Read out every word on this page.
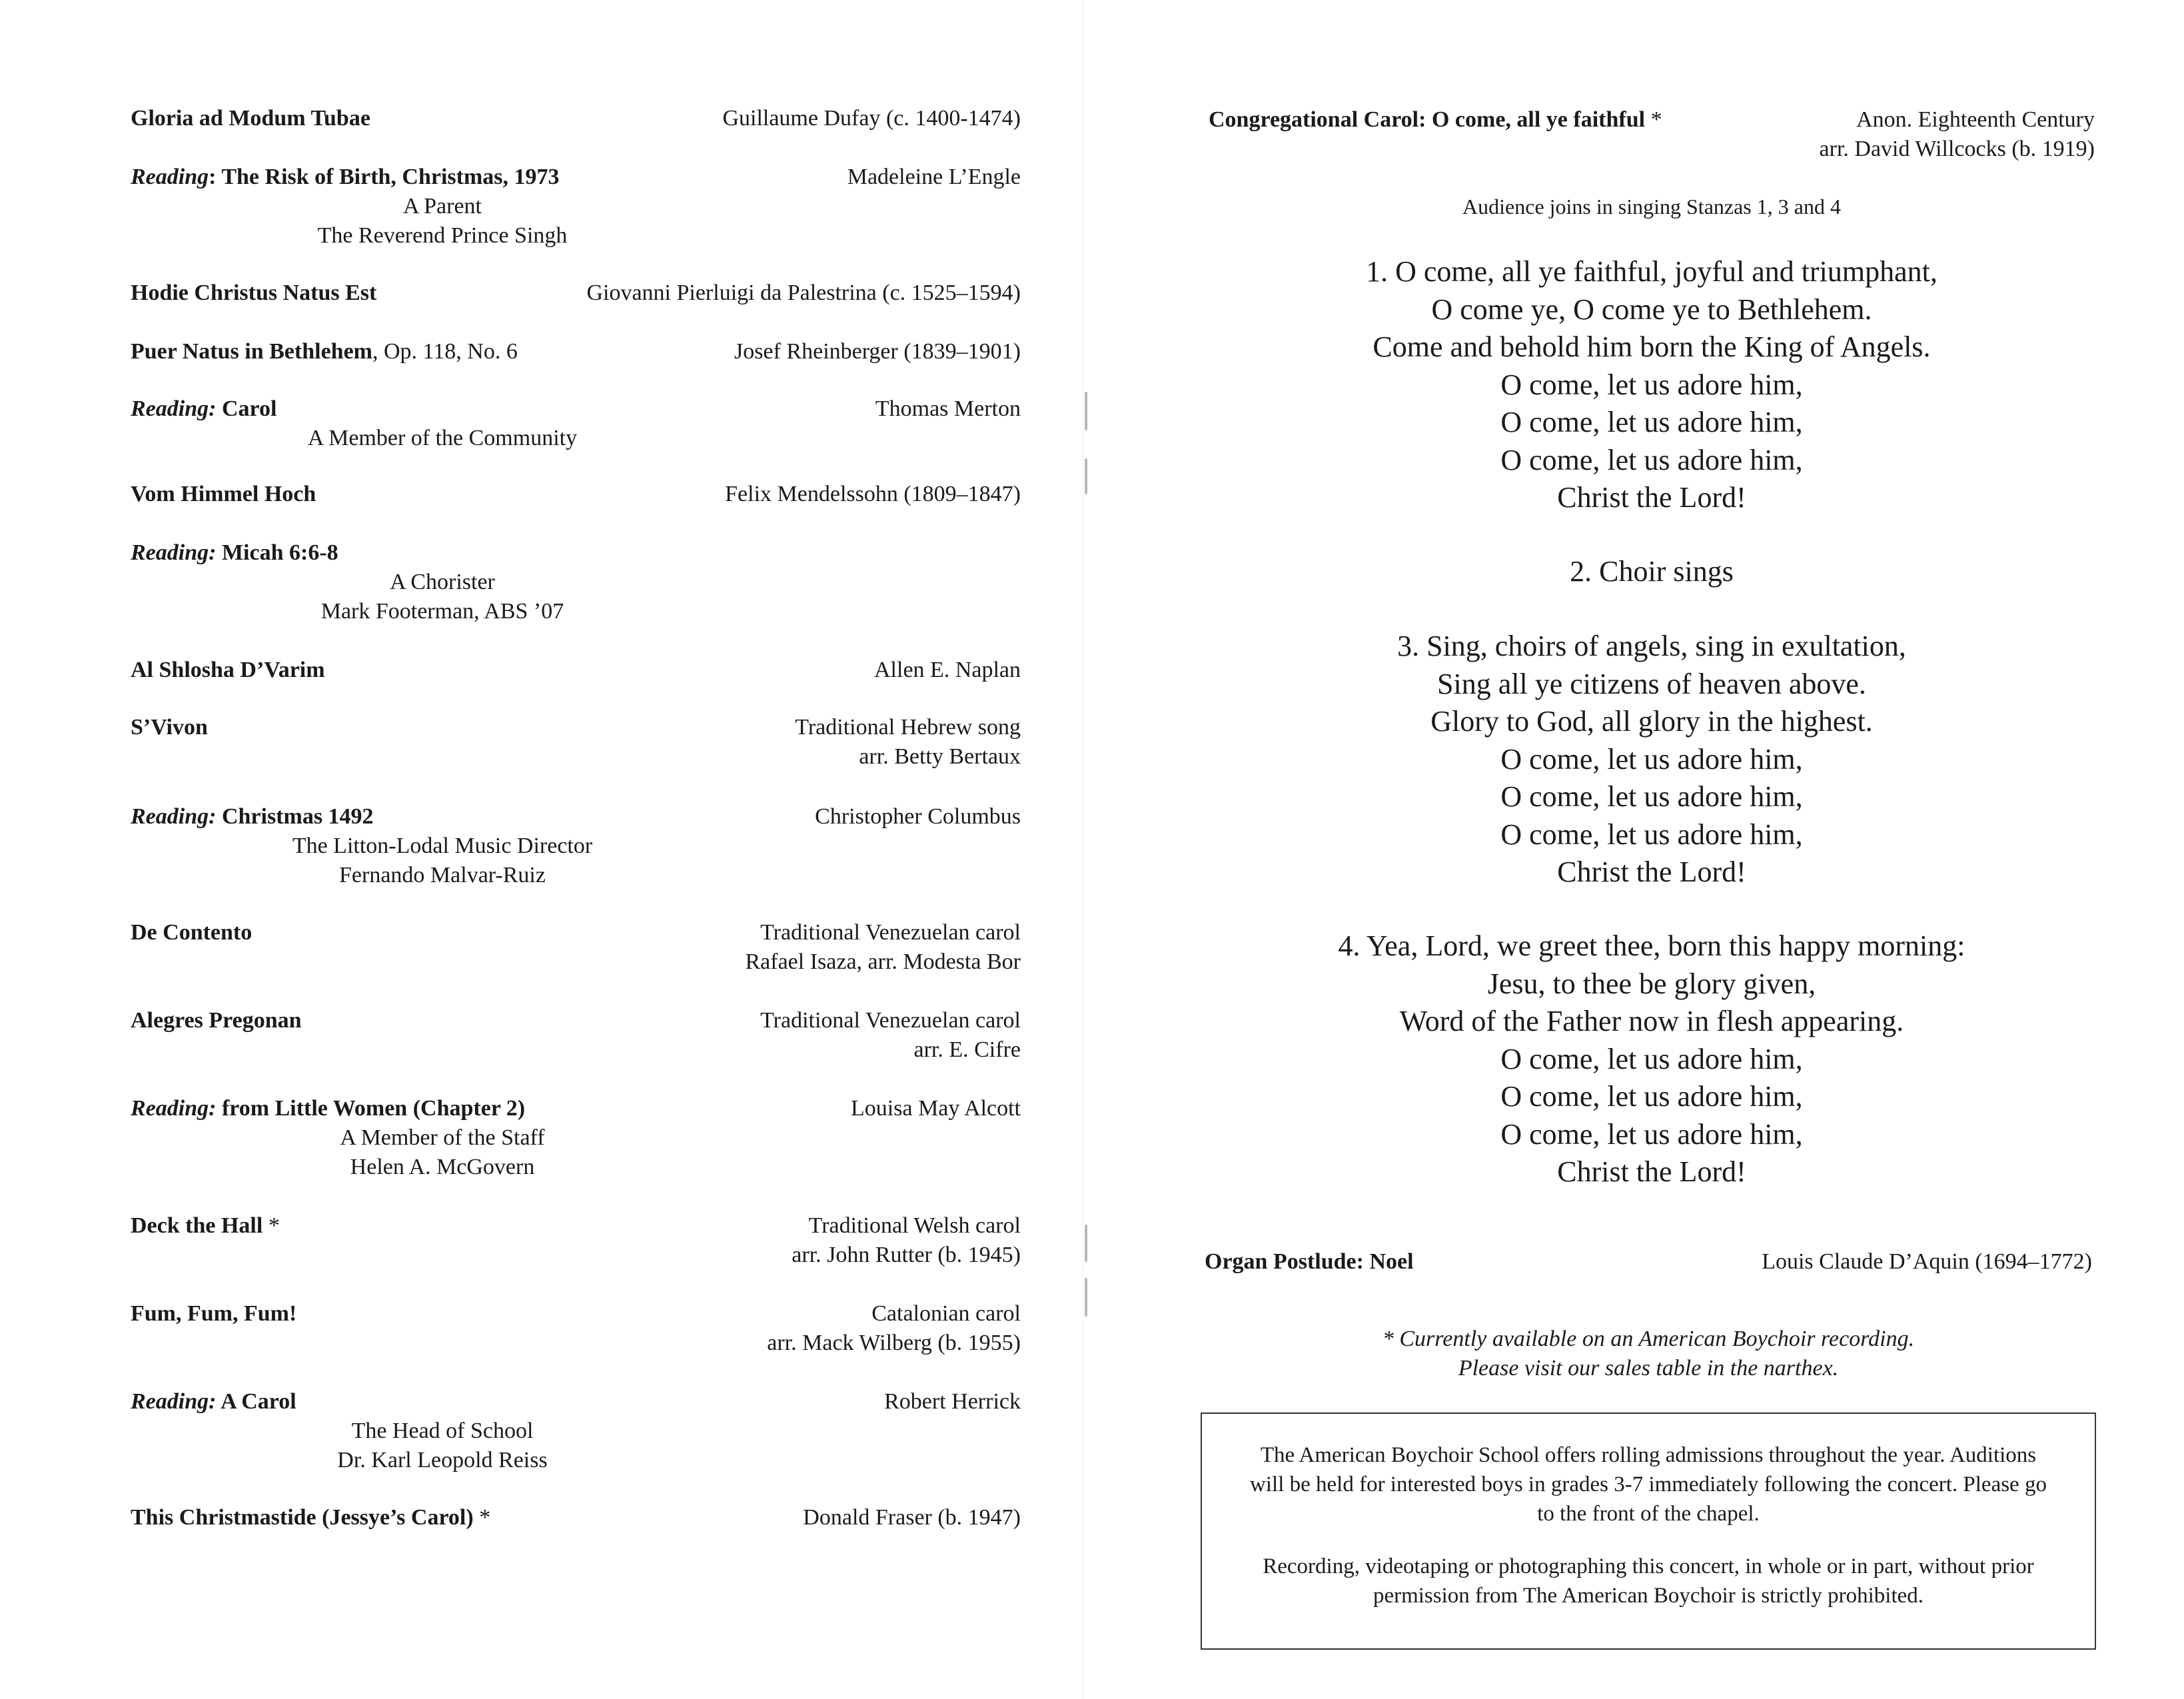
Gloria ad Modum Tubae	Guillaume Dufay (c. 1400-1474)
Reading: The Risk of Birth, Christmas, 1973	Madeleine L’Engle
A Parent
The Reverend Prince Singh
Hodie Christus Natus Est	Giovanni Pierluigi da Palestrina (c. 1525–1594)
Puer Natus in Bethlehem, Op. 118, No. 6	Josef Rheinberger (1839–1901)
Reading: Carol	Thomas Merton
A Member of the Community
Vom Himmel Hoch	Felix Mendelssohn (1809–1847)
Reading: Micah 6:6-8
A Chorister
Mark Footerman, ABS ’07
Al Shlosha D’Varim	Allen E. Naplan
S’Vivon	Traditional Hebrew song
arr. Betty Bertaux
Reading: Christmas 1492	Christopher Columbus
The Litton-Lodal Music Director
Fernando Malvar-Ruiz
De Contento	Traditional Venezuelan carol
Rafael Isaza, arr. Modesta Bor
Alegres Pregonan	Traditional Venezuelan carol
arr. E. Cifre
Reading: from Little Women (Chapter 2)	Louisa May Alcott
A Member of the Staff
Helen A. McGovern
Deck the Hall *	Traditional Welsh carol
arr. John Rutter (b. 1945)
Fum, Fum, Fum!	Catalonian carol
arr. Mack Wilberg (b. 1955)
Reading: A Carol	Robert Herrick
The Head of School
Dr. Karl Leopold Reiss
This Christmastide (Jessye’s Carol) *	Donald Fraser (b. 1947)
Congregational Carol: O come, all ye faithful *	Anon. Eighteenth Century
arr. David Willcocks (b. 1919)
Audience joins in singing Stanzas 1, 3 and 4
1. O come, all ye faithful, joyful and triumphant,
O come ye, O come ye to Bethlehem.
Come and behold him born the King of Angels.
O come, let us adore him,
O come, let us adore him,
O come, let us adore him,
Christ the Lord!
2. Choir sings
3. Sing, choirs of angels, sing in exultation,
Sing all ye citizens of heaven above.
Glory to God, all glory in the highest.
O come, let us adore him,
O come, let us adore him,
O come, let us adore him,
Christ the Lord!
4. Yea, Lord, we greet thee, born this happy morning:
Jesu, to thee be glory given,
Word of the Father now in flesh appearing.
O come, let us adore him,
O come, let us adore him,
O come, let us adore him,
Christ the Lord!
Organ Postlude: Noel	Louis Claude D’Aquin (1694–1772)
* Currently available on an American Boychoir recording.
Please visit our sales table in the narthex.

The American Boychoir School offers rolling admissions throughout the year. Auditions will be held for interested boys in grades 3-7 immediately following the concert. Please go to the front of the chapel.

Recording, videotaping or photographing this concert, in whole or in part, without prior permission from The American Boychoir is strictly prohibited.
